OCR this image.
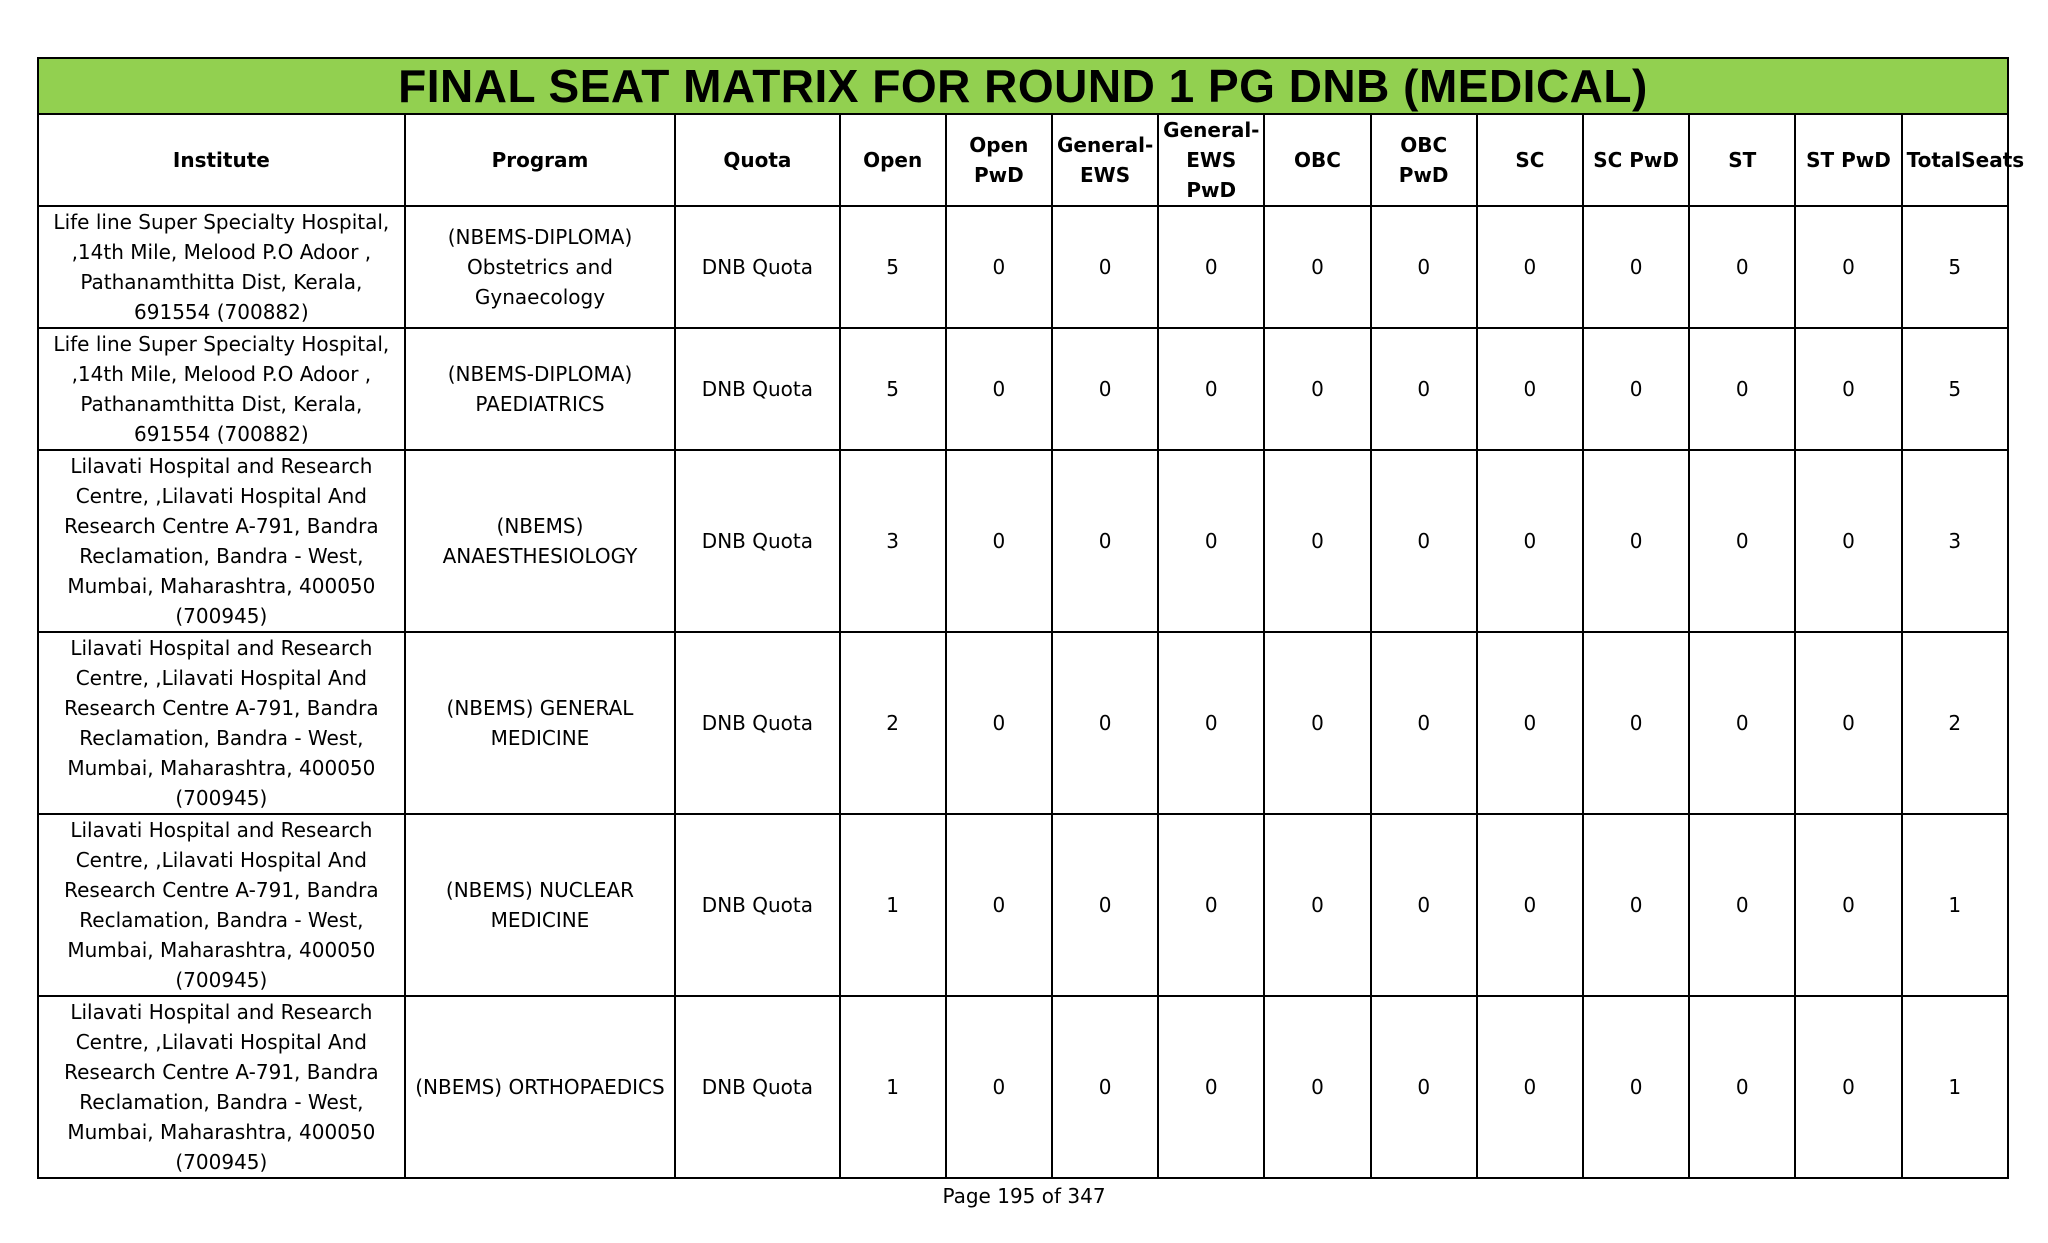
FINAL SEAT MATRIX FOR ROUND 1 PG DNB (MEDICAL)													
Institute	Program	Quota	Open	Open PwD	General-EWS	General-EWS PwD	OBC	OBC PwD	SC	SC PwD	ST	ST PwD	TotalSeats
Life line Super Specialty Hospital, ,14th Mile, Melood P.O Adoor , Pathanamthitta Dist, Kerala, 691554 (700882)	(NBEMS-DIPLOMA) Obstetrics and Gynaecology	DNB Quota	5	0	0	0	0	0	0	0	0	0	5
Life line Super Specialty Hospital, ,14th Mile, Melood P.O Adoor , Pathanamthitta Dist, Kerala, 691554 (700882)	(NBEMS-DIPLOMA) PAEDIATRICS	DNB Quota	5	0	0	0	0	0	0	0	0	0	5
Lilavati Hospital and Research Centre, ,Lilavati Hospital And Research Centre A-791, Bandra Reclamation, Bandra - West, Mumbai, Maharashtra, 400050 (700945)	(NBEMS) ANAESTHESIOLOGY	DNB Quota	3	0	0	0	0	0	0	0	0	0	3
Lilavati Hospital and Research Centre, ,Lilavati Hospital And Research Centre A-791, Bandra Reclamation, Bandra - West, Mumbai, Maharashtra, 400050 (700945)	(NBEMS) GENERAL MEDICINE	DNB Quota	2	0	0	0	0	0	0	0	0	0	2
Lilavati Hospital and Research Centre, ,Lilavati Hospital And Research Centre A-791, Bandra Reclamation, Bandra - West, Mumbai, Maharashtra, 400050 (700945)	(NBEMS) NUCLEAR MEDICINE	DNB Quota	1	0	0	0	0	0	0	0	0	0	1
Lilavati Hospital and Research Centre, ,Lilavati Hospital And Research Centre A-791, Bandra Reclamation, Bandra - West, Mumbai, Maharashtra, 400050 (700945)	(NBEMS) ORTHOPAEDICS	DNB Quota	1	0	0	0	0	0	0	0	0	0	1
Page 195 of 347
